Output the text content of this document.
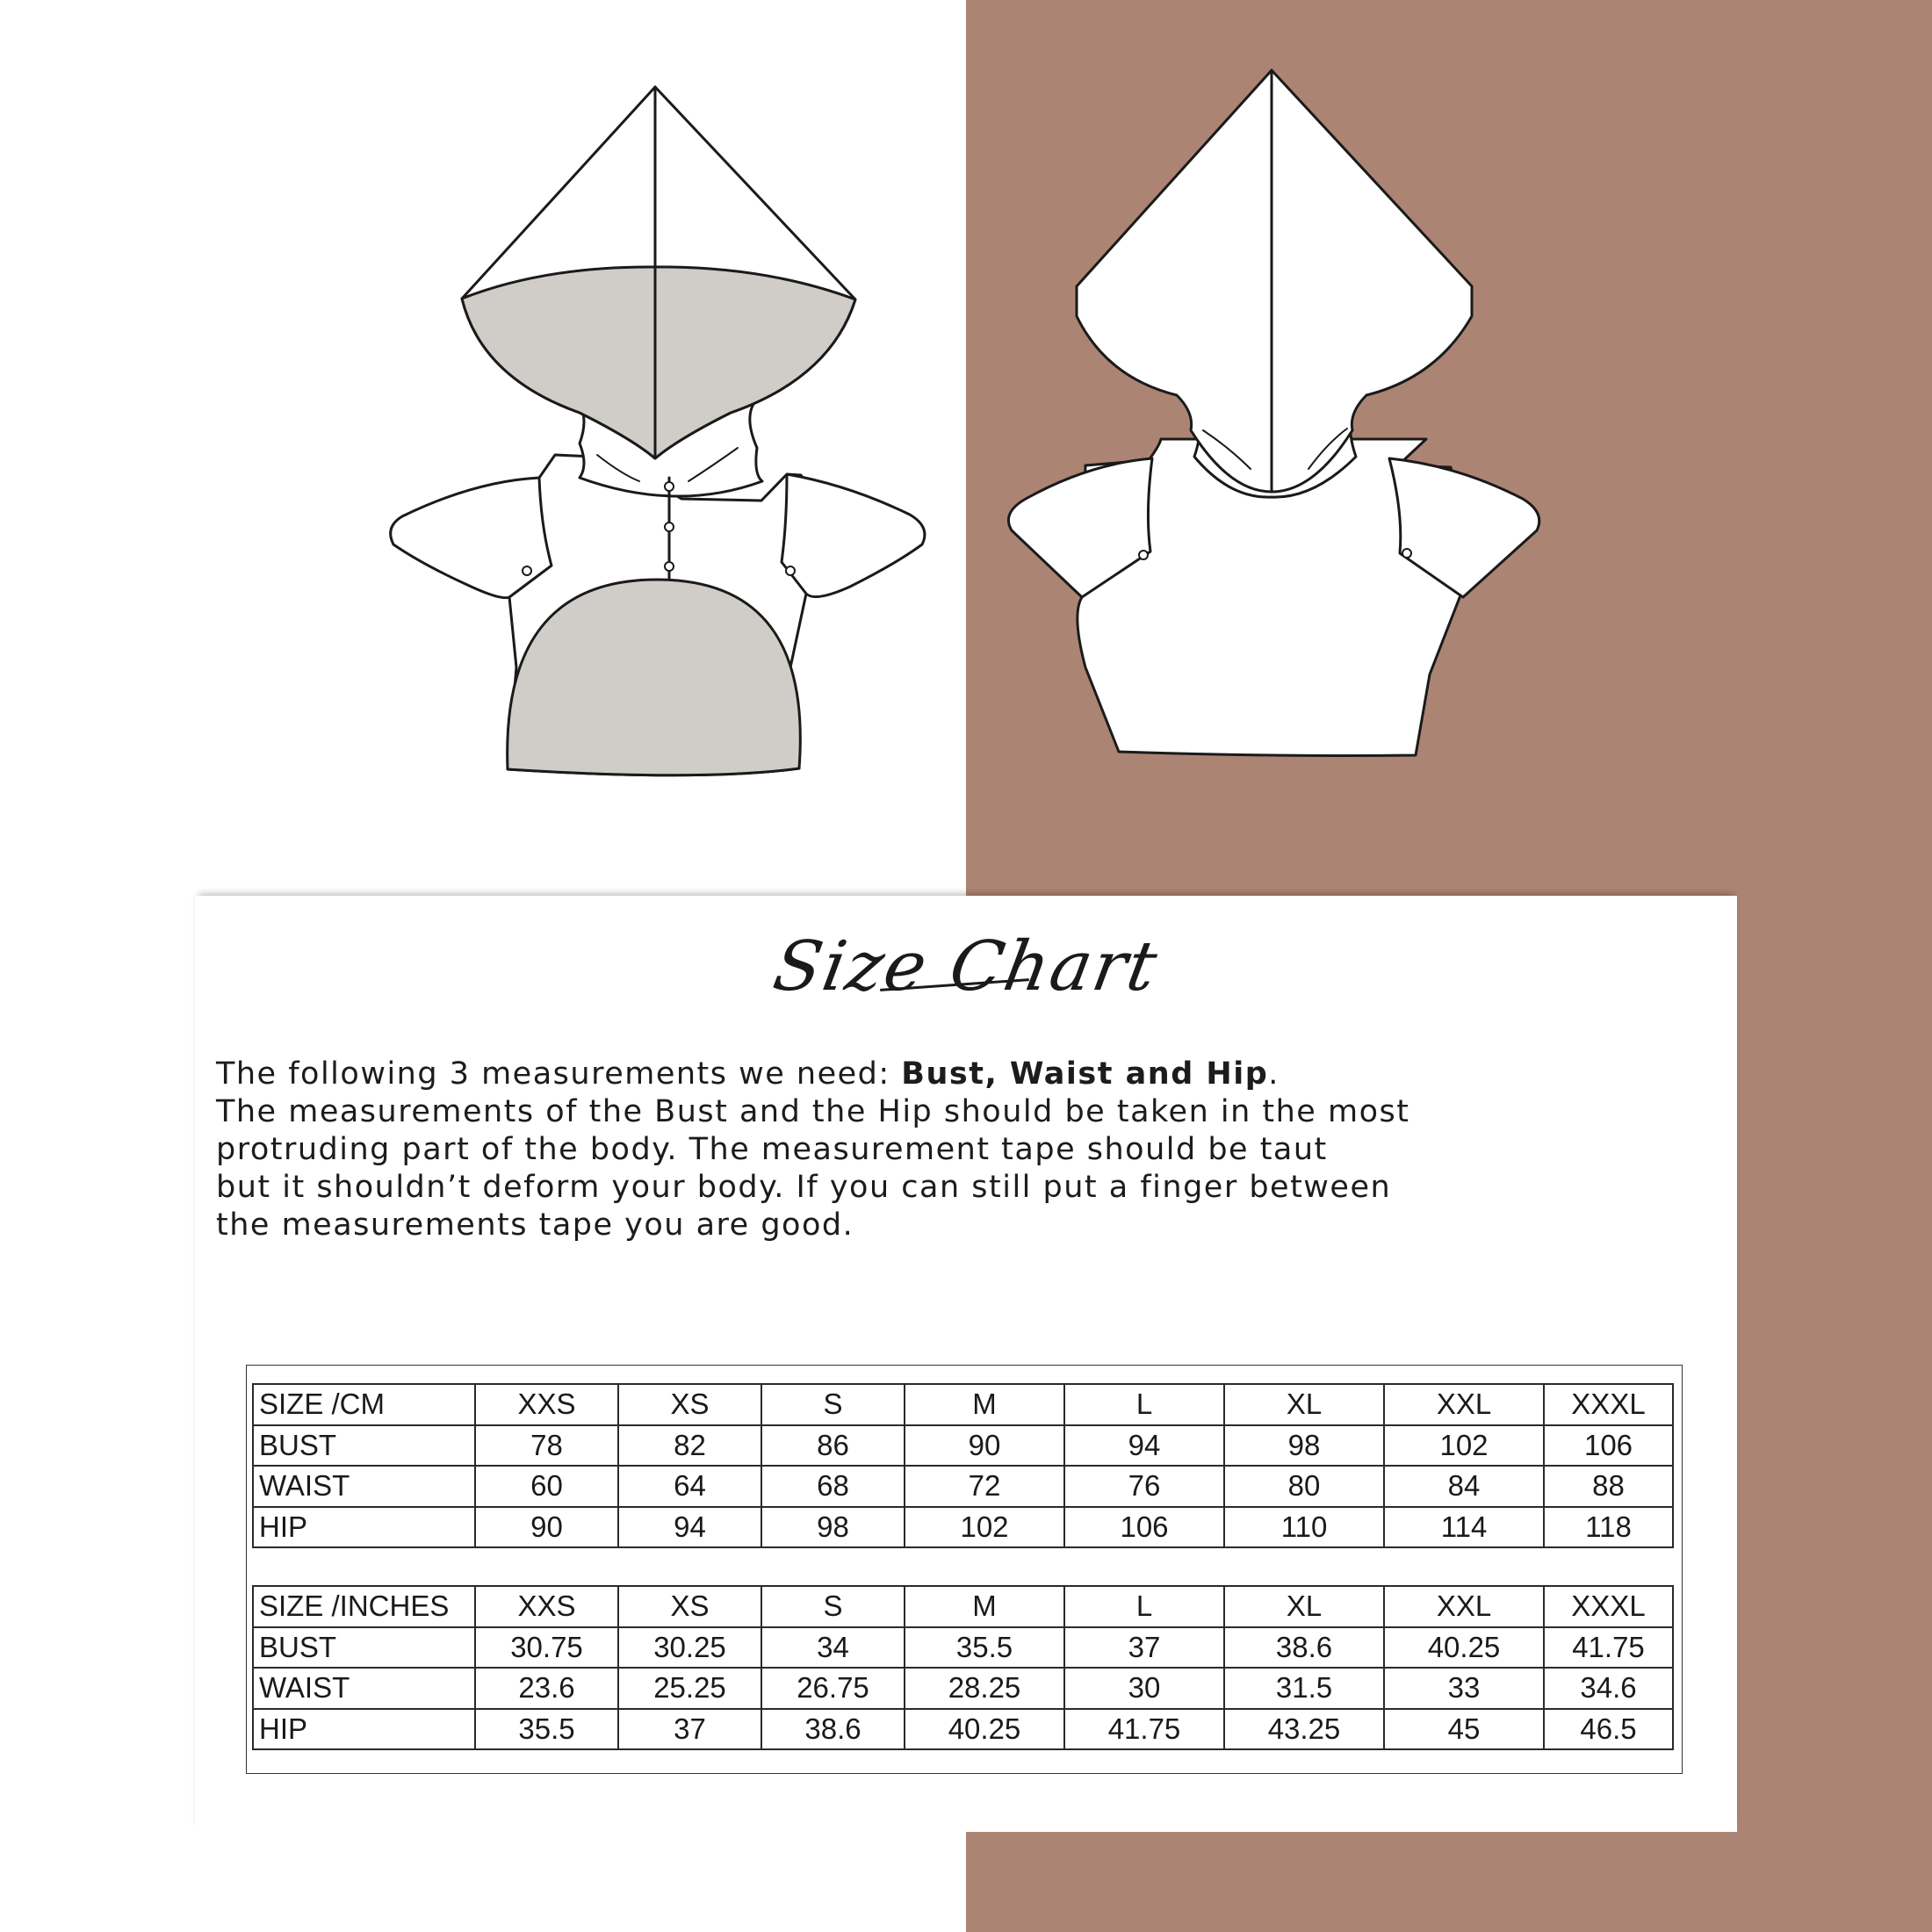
Size Chart

The following 3 measurements we need: Bust, Waist and Hip.

The measurements of the Bust and the Hip should be taken in the most

protruding part of the body. The measurement tape should be taut

but it shouldn’t deform your body. If you can still put a finger between

the measurements tape you are good.

SIZE /CM	XXS	XS	S	M	L	XL	XXL	XXXL
BUST	78	82	86	90	94	98	102	106
WAIST	60	64	68	72	76	80	84	88
HIP	90	94	98	102	106	110	114	118
SIZE /INCHES	XXS	XS	S	M	L	XL	XXL	XXXL
BUST	30.75	30.25	34	35.5	37	38.6	40.25	41.75
WAIST	23.6	25.25	26.75	28.25	30	31.5	33	34.6
HIP	35.5	37	38.6	40.25	41.75	43.25	45	46.5
